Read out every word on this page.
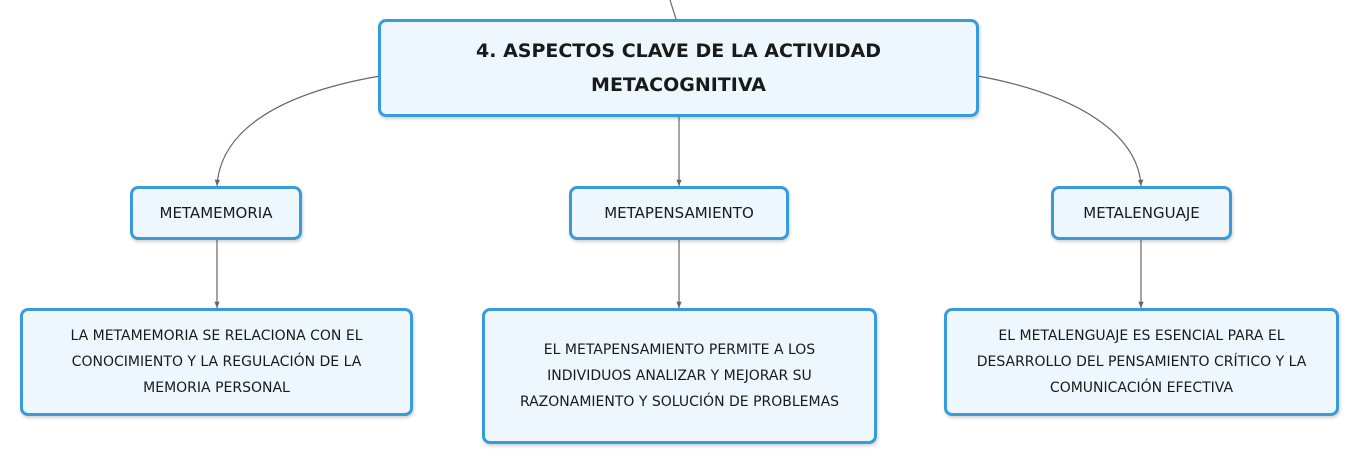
4. ASPECTOS CLAVE DE LA ACTIVIDAD METACOGNITIVA
METAMEMORIA	METAPENSAMIENTO	METALENGUAJE
LA METAMEMORIA SE RELACIONA CON EL CONOCIMIENTO Y LA REGULACIÓN DE LA MEMORIA PERSONAL
EL METAPENSAMIENTO PERMITE A LOS INDIVIDUOS ANALIZAR Y MEJORAR SU RAZONAMIENTO Y SOLUCIÓN DE PROBLEMAS
EL METALENGUAJE ES ESENCIAL PARA EL DESARROLLO DEL PENSAMIENTO CRÍTICO Y LA COMUNICACIÓN EFECTIVA
